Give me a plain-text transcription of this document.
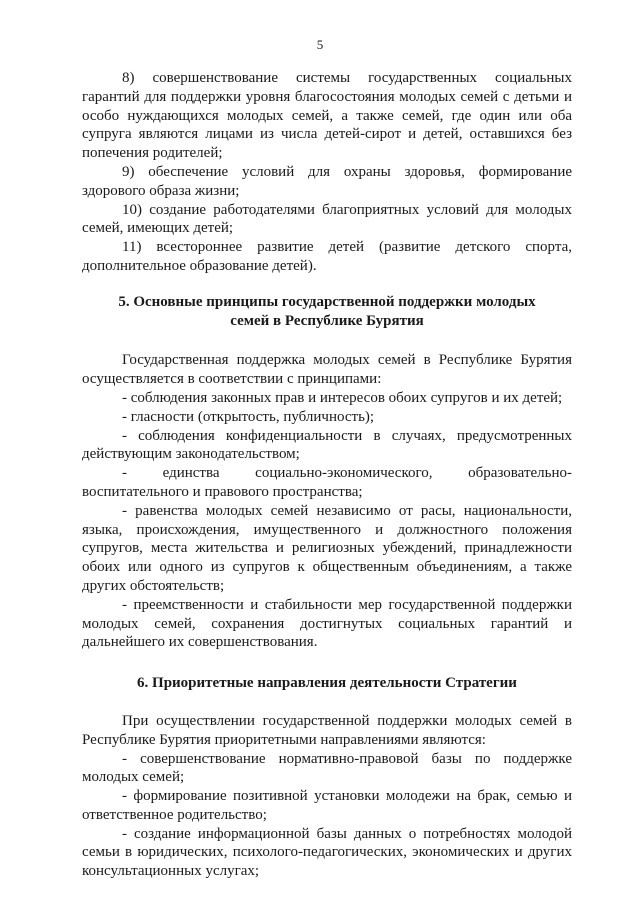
5

8) совершенствование системы государственных социальных гарантий для поддержки уровня благосостояния молодых семей с детьми и особо нуждающихся молодых семей, а также семей, где один или оба супруга являются лицами из числа детей-сирот и детей, оставшихся без попечения родителей;

9) обеспечение условий для охраны здоровья, формирование здорового образа жизни;

10) создание работодателями благоприятных условий для молодых семей, имеющих детей;

11) всестороннее развитие детей (развитие детского спорта, дополнительное образование детей).

5. Основные принципы государственной поддержки молодых семей в Республике Бурятия

Государственная поддержка молодых семей в Республике Бурятия осуществляется в соответствии с принципами:

- соблюдения законных прав и интересов обоих супругов и их детей;

- гласности (открытость, публичность);

- соблюдения конфиденциальности в случаях, предусмотренных действующим законодательством;

- единства социально-экономического, образовательно-

воспитательного и правового пространства;

- равенства молодых семей независимо от расы, национальности, языка, происхождения, имущественного и должностного положения супругов, места жительства и религиозных убеждений, принадлежности обоих или одного из супругов к общественным объединениям, а также других обстоятельств;

- преемственности и стабильности мер государственной поддержки молодых семей, сохранения достигнутых социальных гарантий и дальнейшего их совершенствования.

6. Приоритетные направления деятельности Стратегии

При осуществлении государственной поддержки молодых семей в Республике Бурятия приоритетными направлениями являются:

- совершенствование нормативно-правовой базы по поддержке молодых семей;

- формирование позитивной установки молодежи на брак, семью и ответственное родительство;

- создание информационной базы данных о потребностях молодой семьи в юридических, психолого-педагогических, экономических и других консультационных услугах;
